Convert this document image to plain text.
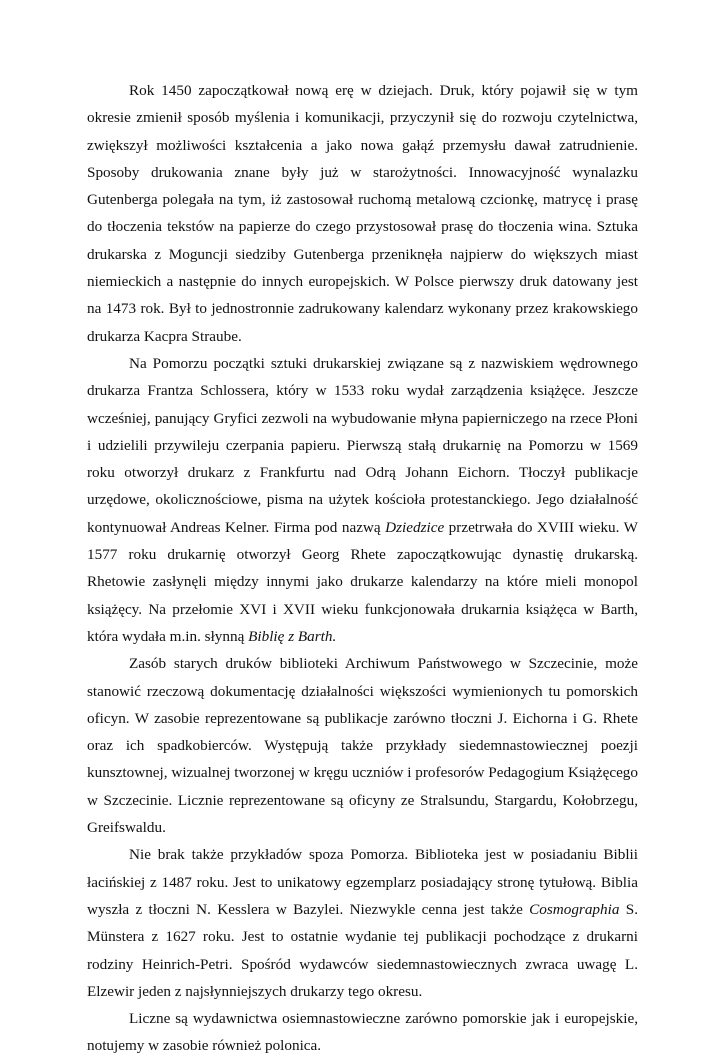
Rok 1450 zapoczątkował nową erę w dziejach. Druk, który pojawił się w tym okresie zmienił sposób myślenia i komunikacji, przyczynił się do rozwoju czytelnictwa, zwiększył możliwości kształcenia a jako nowa gałąź przemysłu dawał zatrudnienie. Sposoby drukowania znane były już w starożytności. Innowacyjność wynalazku Gutenberga polegała na tym, iż zastosował ruchomą metalową czcionkę, matrycę i prasę do tłoczenia tekstów na papierze do czego przystosował prasę do tłoczenia wina. Sztuka drukarska z Moguncji siedziby Gutenberga przeniknęła najpierw do większych miast niemieckich a następnie do innych europejskich. W Polsce pierwszy druk datowany jest na 1473 rok. Był to jednostronnie zadrukowany kalendarz wykonany przez krakowskiego drukarza Kacpra Straube.

Na Pomorzu początki sztuki drukarskiej związane są z nazwiskiem wędrownego drukarza Frantza Schlossera, który w 1533 roku wydał zarządzenia książęce. Jeszcze wcześniej, panujący Gryfici zezwoli na wybudowanie młyna papierniczego na rzece Płoni i udzielili przywileju czerpania papieru. Pierwszą stałą drukarnię na Pomorzu w 1569 roku otworzył drukarz z Frankfurtu nad Odrą Johann Eichorn. Tłoczył publikacje urzędowe, okolicznościowe, pisma na użytek kościoła protestanckiego. Jego działalność kontynuował Andreas Kelner. Firma pod nazwą Dziedzice przetrwała do XVIII wieku. W 1577 roku drukarnię otworzył Georg Rhete zapoczątkowując dynastię drukarską. Rhetowie zasłynęli między innymi jako drukarze kalendarzy na które mieli monopol książęcy. Na przełomie XVI i XVII wieku funkcjonowała drukarnia książęca w Barth, która wydała m.in. słynną Biblię z Barth.

Zasób starych druków biblioteki Archiwum Państwowego w Szczecinie, może stanowić rzeczową dokumentację działalności większości wymienionych tu pomorskich oficyn. W zasobie reprezentowane są publikacje zarówno tłoczni J. Eichorna i G. Rhete oraz ich spadkobierców. Występują także przykłady siedemnastowiecznej poezji kunsztownej, wizualnej tworzonej w kręgu uczniów i profesorów Pedagogium Książęcego w Szczecinie. Licznie reprezentowane są oficyny ze Stralsundu, Stargardu, Kołobrzegu, Greifswaldu.

Nie brak także przykładów spoza Pomorza. Biblioteka jest w posiadaniu Biblii łacińskiej z 1487 roku. Jest to unikatowy egzemplarz posiadający stronę tytułową. Biblia wyszła z tłoczni N. Kesslera w Bazylei. Niezwykle cenna jest także Cosmographia S. Münstera z 1627 roku. Jest to ostatnie wydanie tej publikacji pochodzące z drukarni rodziny Heinrich-Petri. Spośród wydawców siedemnastowiecznych zwraca uwagę L. Elzewir jeden z najsłynniejszych drukarzy tego okresu.

Liczne są wydawnictwa osiemnastowieczne zarówno pomorskie jak i europejskie, notujemy w zasobie również polonica.
